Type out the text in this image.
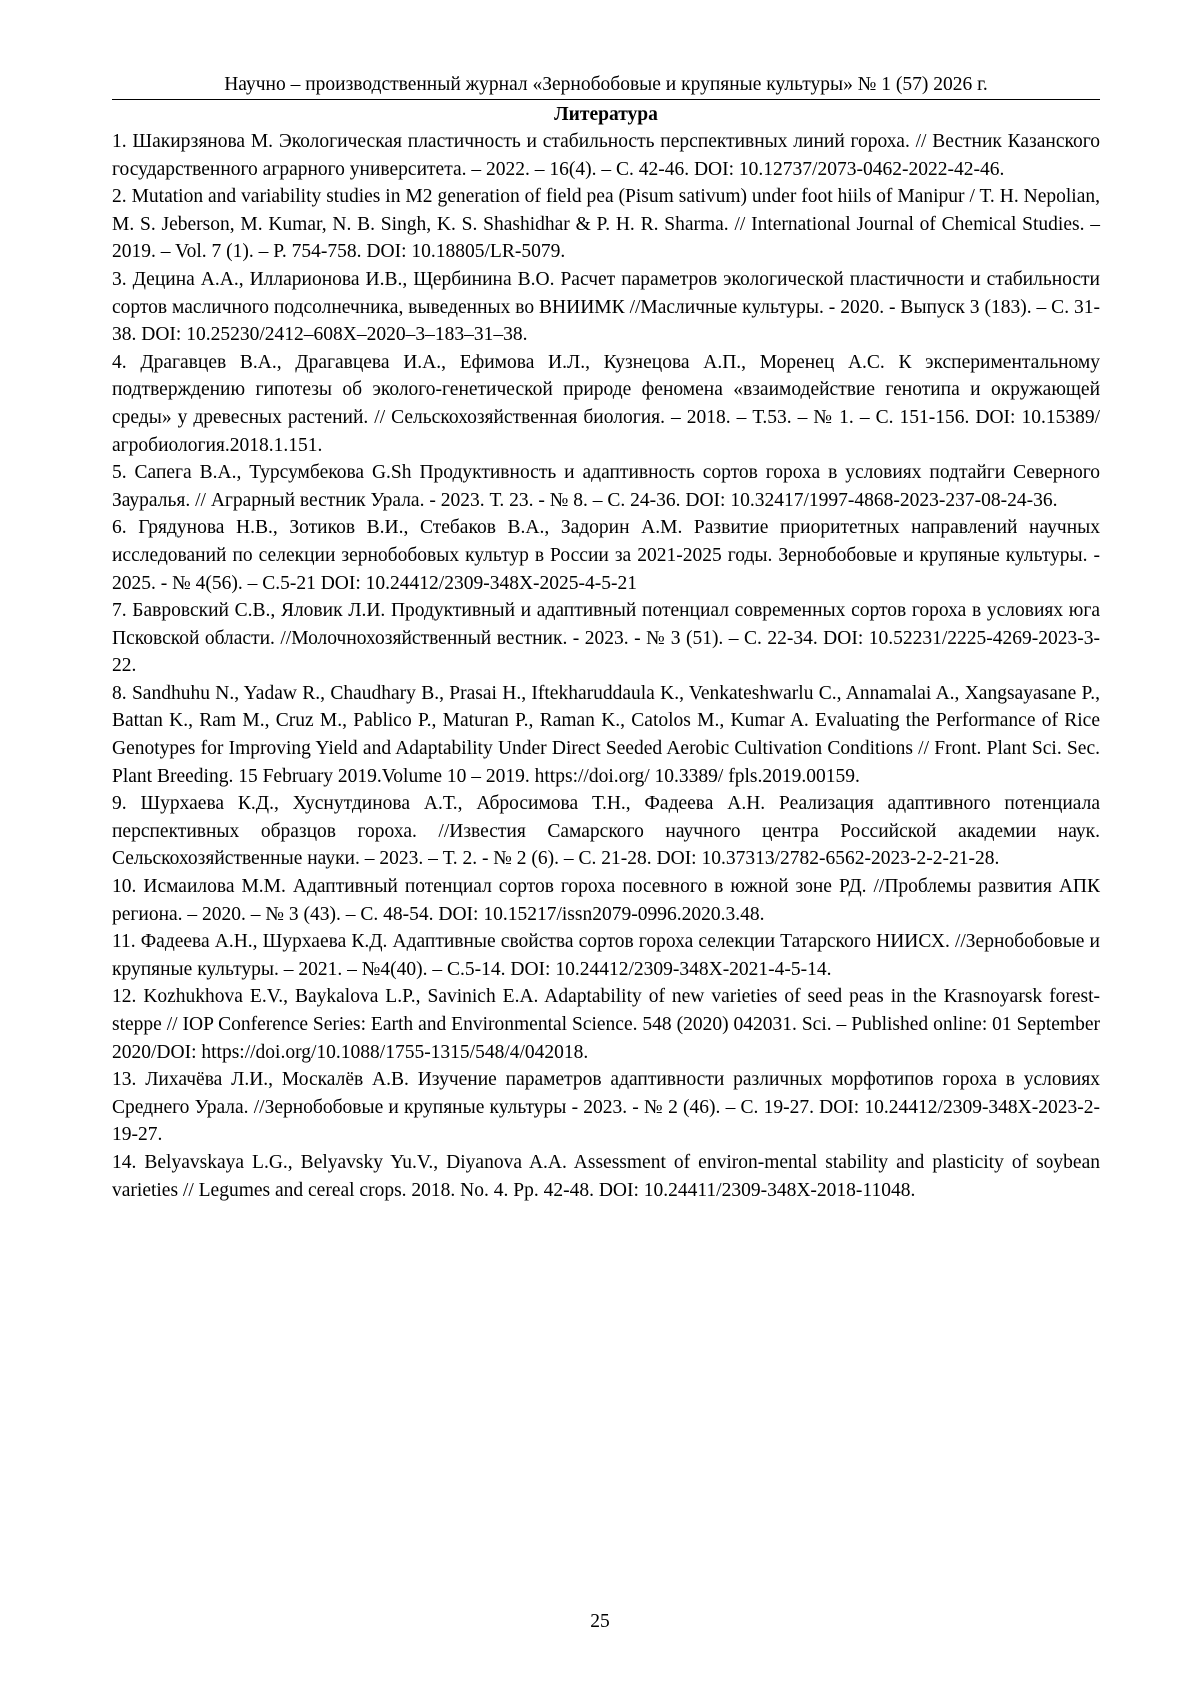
Научно – производственный журнал «Зернобобовые и крупяные культуры» № 1 (57) 2026 г.
Литература
1. Шакирзянова М. Экологическая пластичность и стабильность перспективных линий гороха. // Вестник Казанского государственного аграрного университета. – 2022. – 16(4). – С. 42-46. DOI: 10.12737/2073-0462-2022-42-46.
2. Mutation and variability studies in M2 generation of field pea (Pisum sativum) under foot hiils of Manipur / T. H. Nepolian, M. S. Jeberson, M. Kumar, N. B. Singh, K. S. Shashidhar & P. H. R. Sharma. // International Journal of Chemical Studies. – 2019. – Vol. 7 (1). – P. 754-758. DOI: 10.18805/LR-5079.
3. Децина А.А., Илларионова И.В., Щербинина В.О. Расчет параметров экологической пластичности и стабильности сортов масличного подсолнечника, выведенных во ВНИИМК //Масличные культуры. - 2020. - Выпуск 3 (183). – С. 31-38. DOI: 10.25230/2412–608X–2020–3–183–31–38.
4. Драгавцев В.А., Драгавцева И.А., Ефимова И.Л., Кузнецова А.П., Моренец А.С. К экспериментальному подтверждению гипотезы об эколого-генетической природе феномена «взаимодействие генотипа и окружающей среды» у древесных растений. // Сельскохозяйственная биология. – 2018. – Т.53. – № 1. – С. 151-156. DOI: 10.15389/агробиология.2018.1.151.
5. Сапега В.А., Турсумбекова G.Sh Продуктивность и адаптивность сортов гороха в условиях подтайги Северного Зауралья. // Аграрный вестник Урала. - 2023. Т. 23. - № 8. – С. 24-36. DOI: 10.32417/1997-4868-2023-237-08-24-36.
6. Грядунова Н.В., Зотиков В.И., Стебаков В.А., Задорин А.М. Развитие приоритетных направлений научных исследований по селекции зернобобовых культур в России за 2021-2025 годы. Зернобобовые и крупяные культуры. - 2025. - № 4(56). – С.5-21 DOI: 10.24412/2309-348X-2025-4-5-21
7. Бавровский С.В., Яловик Л.И. Продуктивный и адаптивный потенциал современных сортов гороха в условиях юга Псковской области. //Молочнохозяйственный вестник. - 2023. - № 3 (51). – С. 22-34. DOI: 10.52231/2225-4269-2023-3-22.
8. Sandhuhu N., Yadaw R., Chaudhary B., Prasai H., Iftekharuddaula K., Venkateshwarlu C., Annamalai A., Xangsayasane P., Battan K., Ram M., Cruz M., Pablico P., Maturan P., Raman K., Catolos M., Kumar A. Evaluating the Performance of Rice Genotypes for Improving Yield and Adaptability Under Direct Seeded Aerobic Cultivation Conditions // Front. Plant Sci. Sec. Plant Breeding. 15 February 2019.Volume 10 – 2019. https://doi.org/ 10.3389/ fpls.2019.00159.
9. Шурхаева К.Д., Хуснутдинова А.Т., Абросимова Т.Н., Фадеева А.Н. Реализация адаптивного потенциала перспективных образцов гороха. //Известия Самарского научного центра Российской академии наук. Сельскохозяйственные науки. – 2023. – Т. 2. - № 2 (6). – С. 21-28. DOI: 10.37313/2782-6562-2023-2-2-21-28.
10. Исмаилова М.М. Адаптивный потенциал сортов гороха посевного в южной зоне РД. //Проблемы развития АПК региона. – 2020. – № 3 (43). – С. 48-54. DOI: 10.15217/issn2079-0996.2020.3.48.
11. Фадеева А.Н., Шурхаева К.Д. Адаптивные свойства сортов гороха селекции Татарского НИИСХ. //Зернобобовые и крупяные культуры. – 2021. – №4(40). – С.5-14. DOI: 10.24412/2309-348X-2021-4-5-14.
12. Kozhukhova E.V., Baykalova L.P., Savinich E.A. Adaptability of new varieties of seed peas in the Krasnoyarsk forest-steppe // IOP Conference Series: Earth and Environmental Science. 548 (2020) 042031. Sci. – Published online: 01 September 2020/DOI: https://doi.org/10.1088/1755-1315/548/4/042018.
13. Лихачёва Л.И., Москалёв А.В. Изучение параметров адаптивности различных морфотипов гороха в условиях Среднего Урала. //Зернобобовые и крупяные культуры - 2023. - № 2 (46). – С. 19-27. DOI: 10.24412/2309-348X-2023-2-19-27.
14. Belyavskaya L.G., Belyavsky Yu.V., Diyanova A.A. Assessment of environ-mental stability and plasticity of soybean varieties // Legumes and cereal crops. 2018. No. 4. Pp. 42-48. DOI: 10.24411/2309-348X-2018-11048.
25
